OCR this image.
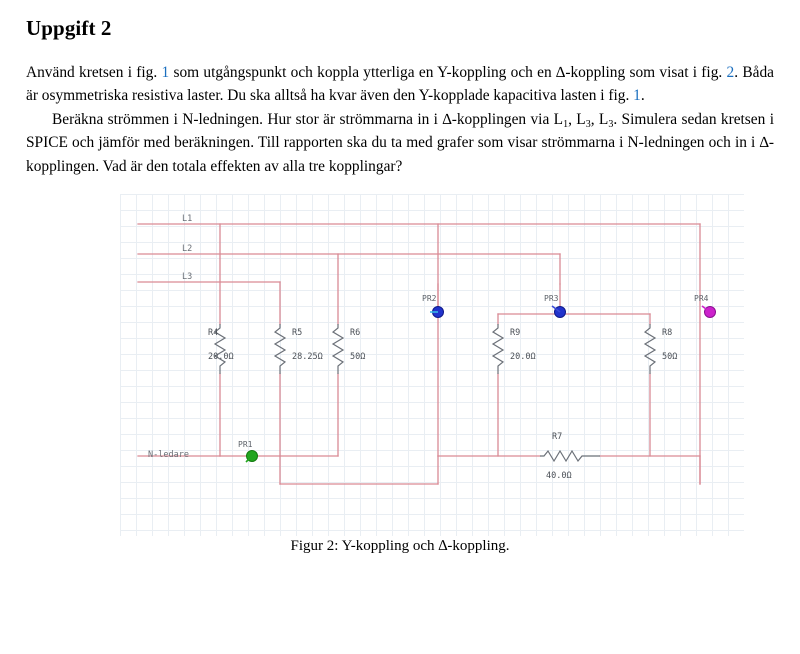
Uppgift 2

Använd kretsen i fig. 1 som utgångspunkt och koppla ytterliga en Y-koppling och en ∆-koppling som visat i fig. 2. Båda är osymmetriska resistiva laster. Du ska alltså ha kvar även den Y-kopplade kapacitiva lasten i fig. 1.

Beräkna strömmen i N-ledningen. Hur stor är strömmarna in i ∆-kopplingen via $L_1$, $L_3$, $L_3$. Simulera sedan kretsen i SPICE och jämför med beräkningen. Till rapporten ska du ta med grafer som visar strömmarna i N-ledningen och in i ∆-kopplingen. Vad är den totala effekten av alla tre kopplingar?

L1
L2
L3
N-ledare
PR1
PR2	PR3	PR4
R4
20.0Ω
R5
28.25Ω
R6
50Ω
R9
20.0Ω
R8
50Ω
R7
40.0Ω
Figur 2: Y-koppling och ∆-koppling.
